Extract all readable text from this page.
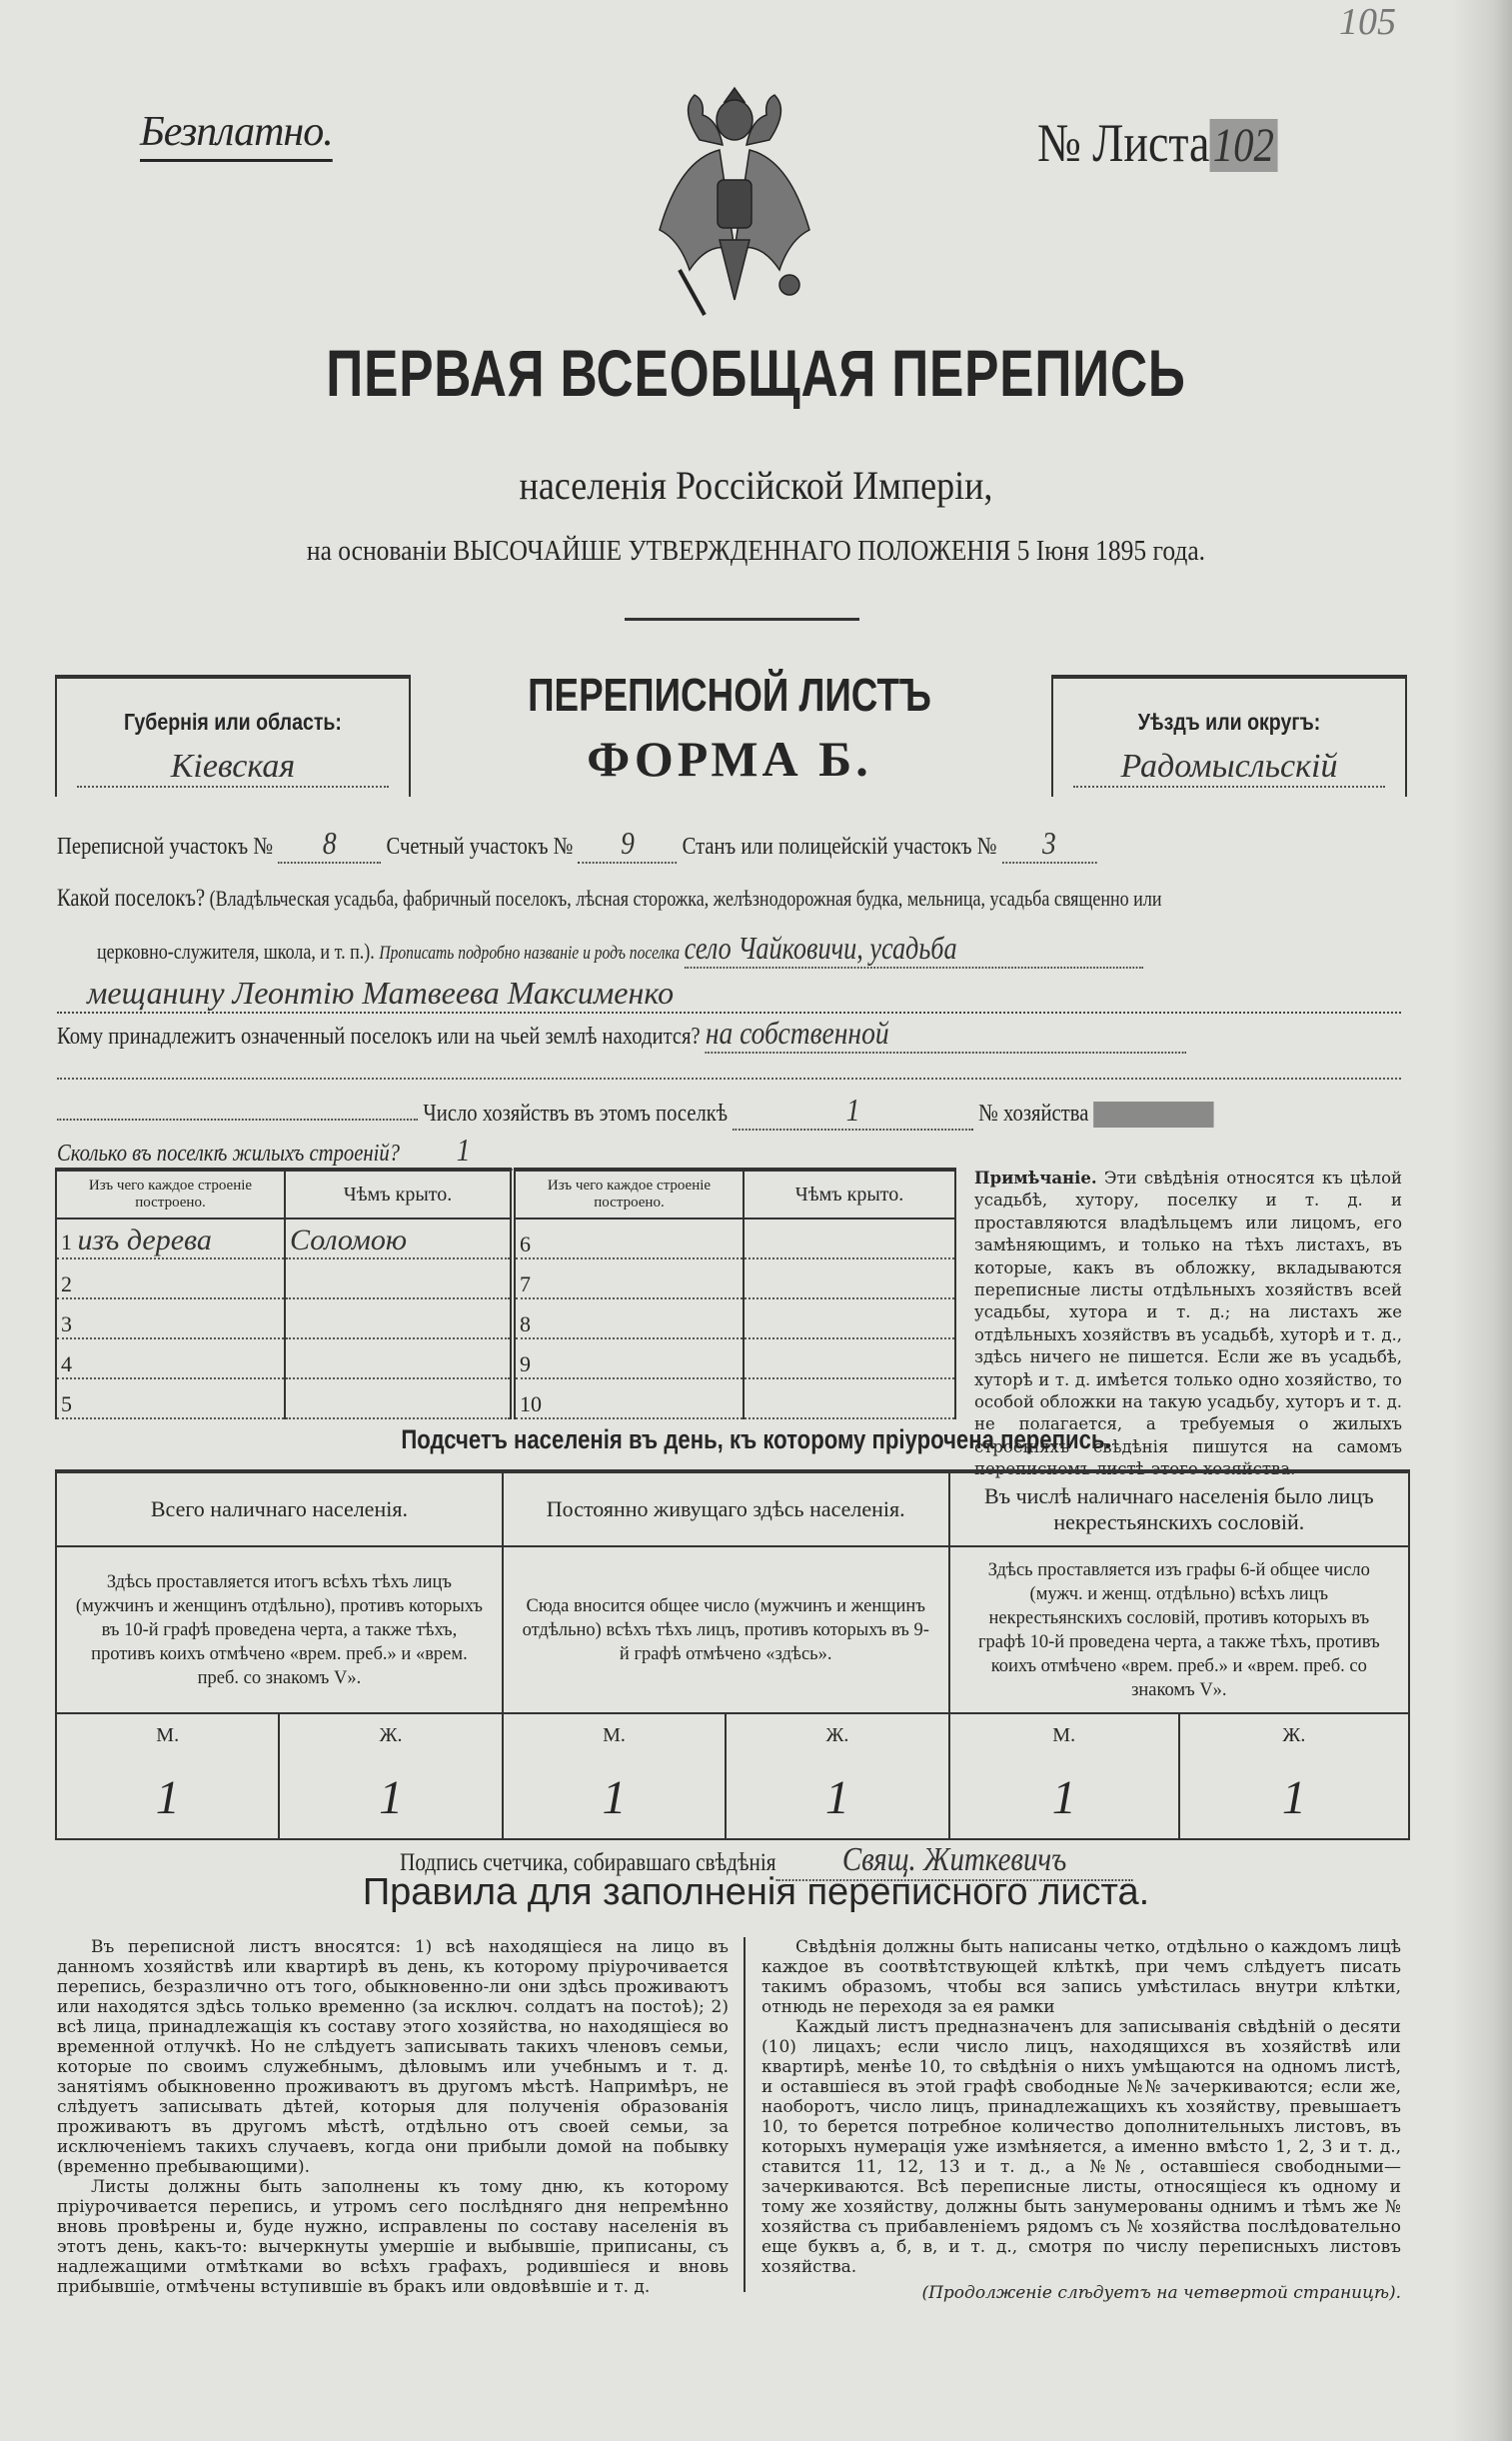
105
Безплатно.	№ Листа102
ПЕРВАЯ ВСЕОБЩАЯ ПЕРЕПИСЬ
населенія Россійской Имперіи,
на основаніи ВЫСОЧАЙШЕ УТВЕРЖДЕННАГО ПОЛОЖЕНІЯ 5 Іюня 1895 года.
Губернія или область:
Кіевская
ПЕРЕПИСНОЙ ЛИСТЪ
ФОРМА Б.
Уѣздъ или округъ:
Радомысльскій
Переписной участокъ № 8 Счетный участокъ № 9 Станъ или полицейскій участокъ № 3
Какой поселокъ? (Владѣльческая усадьба, фабричный поселокъ, лѣсная сторожка, желѣзнодорожная будка, мельница, усадьба священно или
церковно-служителя, школа, и т. п.). Прописать подробно названіе и родъ поселка село Чайковичи, усадьба
мещанину Леонтію Матвеева Максименко
Кому принадлежитъ означенный поселокъ или на чьей землѣ находится? на собственной
Число хозяйствъ въ этомъ поселкѣ	1	№ хозяйства
Сколько въ поселкѣ жилыхъ строеній? 1
Изъ чего каждое строеніе построено.	Чѣмъ крыто.	Изъ чего каждое строеніе построено.	Чѣмъ крыто.
1 изъ дерева	Соломою	6	
2		7	
3		8	
4		9	
5		10	
Примѣчаніе. Эти свѣдѣнія относятся къ цѣлой усадьбѣ, хутору, поселку и т. д. и проставляются владѣльцемъ или лицомъ, его замѣняющимъ, и только на тѣхъ листахъ, въ которые, какъ въ обложку, вкладываются переписные листы отдѣльныхъ хозяйствъ всей усадьбы, хутора и т. д.; на листахъ же отдѣльныхъ хозяйствъ въ усадьбѣ, хуторѣ и т. д., здѣсь ничего не пишется. Если же въ усадьбѣ, хуторѣ и т. д. имѣется только одно хозяйство, то особой обложки на такую усадьбу, хуторъ и т. д. не полагается, а требуемыя о жилыхъ строеніяхъ свѣдѣнія пишутся на самомъ переписномъ листѣ этого хозяйства.
Подсчетъ населенія въ день, къ которому пріурочена перепись.
Всего наличнаго населенія.		Постоянно живущаго здѣсь населенія.		Въ числѣ наличнаго населенія было лицъ некрестьянскихъ сословій.	
Здѣсь проставляется итогъ всѣхъ тѣхъ лицъ (мужчинъ и женщинъ отдѣльно), противъ которыхъ въ 10-й графѣ проведена черта, а также тѣхъ, противъ коихъ отмѣчено «врем. преб.» и «врем. преб. со знакомъ V».		Сюда вносится общее число (мужчинъ и женщинъ отдѣльно) всѣхъ тѣхъ лицъ, противъ которыхъ въ 9-й графѣ отмѣчено «здѣсь».		Здѣсь проставляется изъ графы 6-й общее число (мужч. и женщ. отдѣльно) всѣхъ лицъ некрестьянскихъ сословій, противъ которыхъ въ графѣ 10-й проведена черта, а также тѣхъ, противъ коихъ отмѣчено «врем. преб.» и «врем. преб. со знакомъ V».	
М.	Ж.	М.	Ж.	М.	Ж.
1	1	1	1	1	1
Подпись счетчика, собиравшаго свѣдѣнія Свящ. Житкевичъ
Правила для заполненія переписного листа.

Въ переписной листъ вносятся: 1) всѣ находящіеся на лицо въ данномъ хозяйствѣ или квартирѣ въ день, къ которому пріурочивается перепись, безразлично отъ того, обыкновенно-ли они здѣсь проживаютъ или находятся здѣсь только временно (за исключ. солдатъ на постоѣ); 2) всѣ лица, принадлежащія къ составу этого хозяйства, но находящіеся во временной отлучкѣ. Но не слѣдуетъ записывать такихъ членовъ семьи, которые по своимъ служебнымъ, дѣловымъ или учебнымъ и т. д. занятіямъ обыкновенно проживаютъ въ другомъ мѣстѣ. Напримѣръ, не слѣдуетъ записывать дѣтей, которыя для полученія образованія проживаютъ въ другомъ мѣстѣ, отдѣльно отъ своей семьи, за исключеніемъ такихъ случаевъ, когда они прибыли домой на побывку (временно пребывающими).

Листы должны быть заполнены къ тому дню, къ которому пріурочивается перепись, и утромъ сего послѣдняго дня непремѣнно вновь провѣрены и, буде нужно, исправлены по составу населенія въ этотъ день, какъ-то: вычеркнуты умершіе и выбывшіе, приписаны, съ надлежащими отмѣтками во всѣхъ графахъ, родившіеся и вновь прибывшіе, отмѣчены вступившіе въ бракъ или овдовѣвшіе и т. д.

Свѣдѣнія должны быть написаны четко, отдѣльно о каждомъ лицѣ каждое въ соотвѣтствующей клѣткѣ, при чемъ слѣдуетъ писать такимъ образомъ, чтобы вся запись умѣстилась внутри клѣтки, отнюдь не переходя за ея рамки

Каждый листъ предназначенъ для записыванія свѣдѣній о десяти (10) лицахъ; если число лицъ, находящихся въ хозяйствѣ или квартирѣ, менѣе 10, то свѣдѣнія о нихъ умѣщаются на одномъ листѣ, и оставшіеся въ этой графѣ свободные №№ зачеркиваются; если же, наоборотъ, число лицъ, принадлежащихъ къ хозяйству, превышаетъ 10, то берется потребное количество дополнительныхъ листовъ, въ которыхъ нумерація уже измѣняется, а именно вмѣсто 1, 2, 3 и т. д., ставится 11, 12, 13 и т. д., а №№, оставшіеся свободными—зачеркиваются. Всѣ переписные листы, относящіеся къ одному и тому же хозяйству, должны быть занумерованы однимъ и тѣмъ же № хозяйства съ прибавленіемъ рядомъ съ № хозяйства послѣдовательно еще буквъ а, б, в, и т. д., смотря по числу переписныхъ листовъ хозяйства.

(Продолженіе слѣдуетъ на четвертой страницѣ).
